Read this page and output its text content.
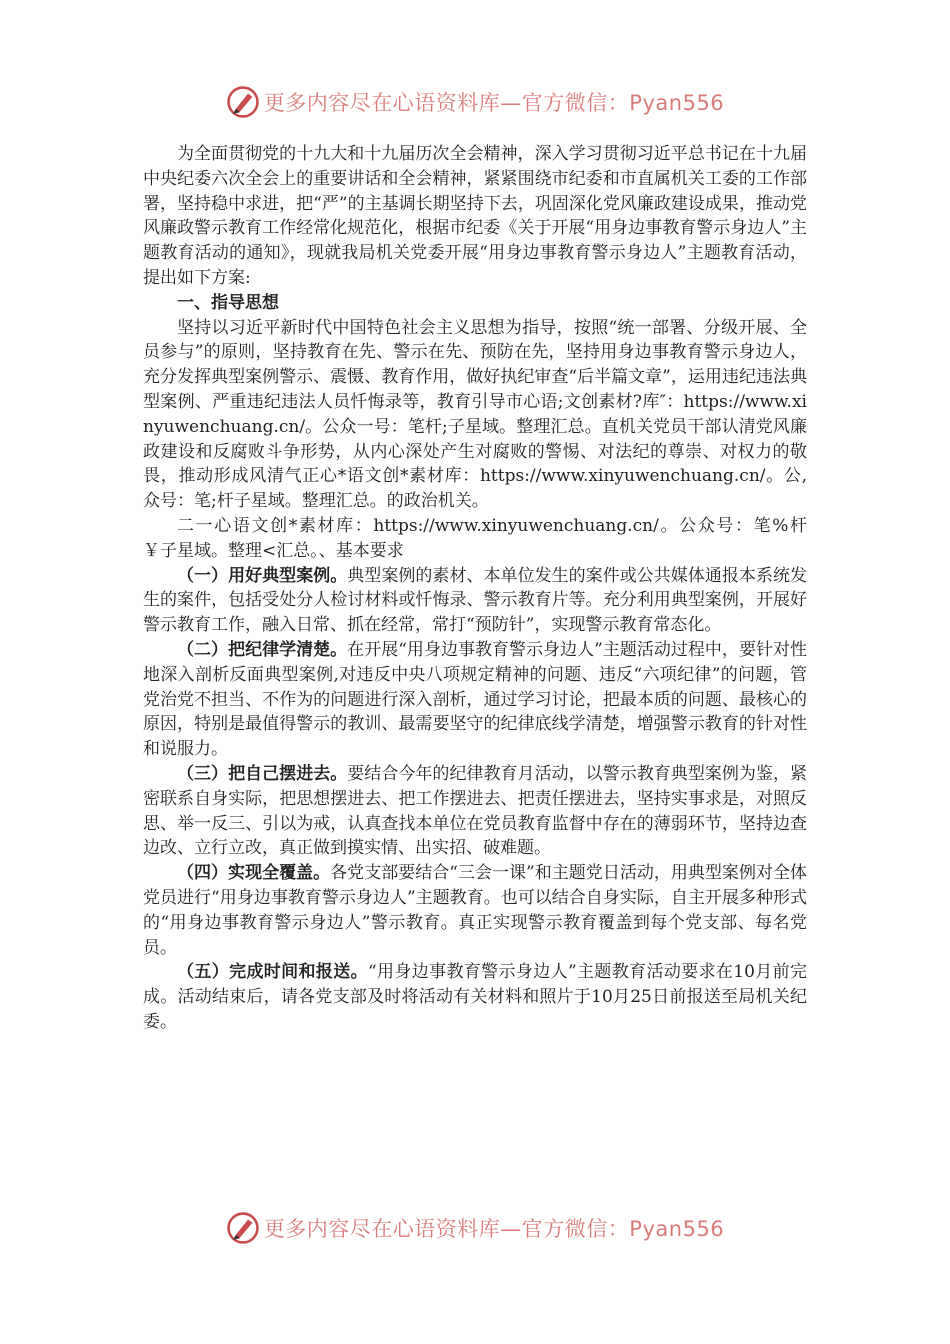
更多内容尽在心语资料库—官方微信：Pyan556

为全面贯彻党的十九大和十九届历次全会精神，深入学习贯彻习近平总书记在十九届中央纪委六次全会上的重要讲话和全会精神，紧紧围绕市纪委和市直属机关工委的工作部署，坚持稳中求进，把“严”的主基调长期坚持下去，巩固深化党风廉政建设成果，推动党风廉政警示教育工作经常化规范化，根据市纪委《关于开展“用身边事教育警示身边人”主题教育活动的通知》，现就我局机关党委开展“用身边事教育警示身边人”主题教育活动，提出如下方案:

一、指导思想

坚持以习近平新时代中国特色社会主义思想为指导，按照“统一部署、分级开展、全员参与”的原则，坚持教育在先、警示在先、预防在先，坚持用身边事教育警示身边人，充分发挥典型案例警示、震慑、教育作用，做好执纪审查“后半篇文章”，运用违纪违法典型案例、严重违纪违法人员忏悔录等，教育引导市心语;文创素材?库″：https://www.xinyuwenchuang.cn/。公众一号：笔杆;子星域。整理汇总。直机关党员干部认清党风廉政建设和反腐败斗争形势，从内心深处产生对腐败的警惕、对法纪的尊崇、对权力的敬畏，推动形成风清气正心*语文创*素材库：https://www.xinyuwenchuang.cn/。公,众号：笔;杆子星域。整理汇总。的政治机关。

二一心语文创*素材库：https://www.xinyuwenchuang.cn/。公众号：笔%杆￥子星域。整理<汇总。、基本要求

（一）用好典型案例。典型案例的素材、本单位发生的案件或公共媒体通报本系统发生的案件，包括受处分人检讨材料或忏悔录、警示教育片等。充分利用典型案例，开展好警示教育工作，融入日常、抓在经常，常打“预防针”，实现警示教育常态化。

（二）把纪律学清楚。在开展“用身边事教育警示身边人”主题活动过程中，要针对性地深入剖析反面典型案例,对违反中央八项规定精神的问题、违反“六项纪律”的问题，管党治党不担当、不作为的问题进行深入剖析，通过学习讨论，把最本质的问题、最核心的原因，特别是最值得警示的教训、最需要坚守的纪律底线学清楚，增强警示教育的针对性和说服力。

（三）把自己摆进去。要结合今年的纪律教育月活动，以警示教育典型案例为鉴，紧密联系自身实际，把思想摆进去、把工作摆进去、把责任摆进去，坚持实事求是，对照反思、举一反三、引以为戒，认真查找本单位在党员教育监督中存在的薄弱环节，坚持边查边改、立行立改，真正做到摸实情、出实招、破难题。

（四）实现全覆盖。各党支部要结合“三会一课”和主题党日活动，用典型案例对全体党员进行“用身边事教育警示身边人”主题教育。也可以结合自身实际，自主开展多种形式的“用身边事教育警示身边人”警示教育。真正实现警示教育覆盖到每个党支部、每名党员。

（五）完成时间和报送。“用身边事教育警示身边人”主题教育活动要求在10月前完成。活动结束后，请各党支部及时将活动有关材料和照片于10月25日前报送至局机关纪委。

更多内容尽在心语资料库—官方微信：Pyan556
